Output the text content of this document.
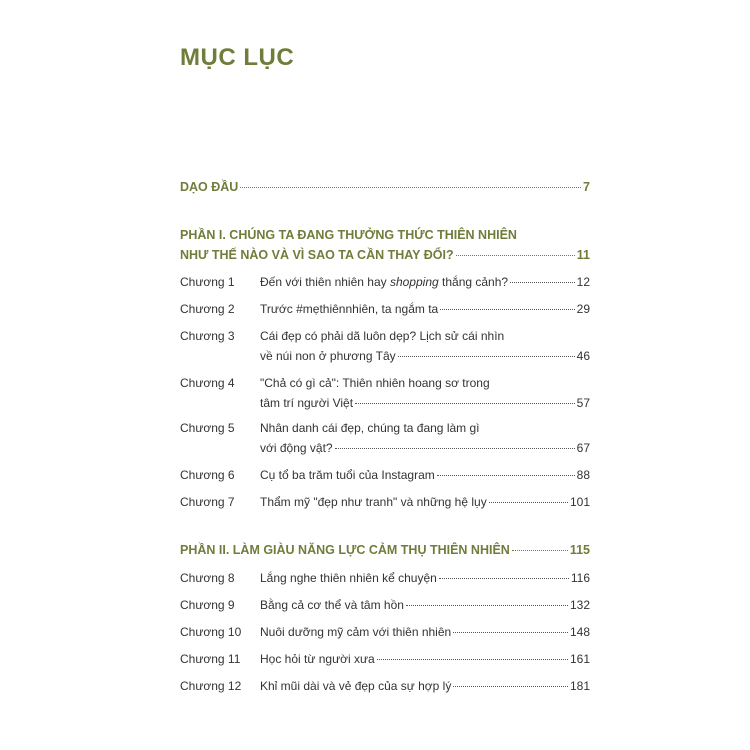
MỤC LỤC
DẠO ĐẦU	7
PHẦN I. CHÚNG TA ĐANG THƯỞNG THỨC THIÊN NHIÊN
NHƯ THẾ NÀO VÀ VÌ SAO TA CẦN THAY ĐỔI?	11
Chương 1 Đến với thiên nhiên hay shopping thắng cảnh?	12
Chương 2 Trước #mẹthiênnhiên, ta ngắm ta	29
Chương 3 Cái đẹp có phải dã luôn dẹp? Lịch sử cái nhìn
về núi non ở phương Tây	46
Chương 4 "Chả có gì cả": Thiên nhiên hoang sơ trong
tâm trí người Việt	57
Chương 5 Nhân danh cái đẹp, chúng ta đang làm gì
với động vật?	67
Chương 6 Cụ tổ ba trăm tuổi của Instagram	88
Chương 7 Thẩm mỹ "đẹp như tranh" và những hệ lụy	101
PHẦN II. LÀM GIÀU NĂNG LỰC CẢM THỤ THIÊN NHIÊN	115
Chương 8 Lắng nghe thiên nhiên kể chuyện	116
Chương 9 Bằng cả cơ thể và tâm hồn	132
Chương 10 Nuôi dưỡng mỹ cảm với thiên nhiên	148
Chương 11 Học hỏi từ người xưa	161
Chương 12 Khỉ mũi dài và vẻ đẹp của sự hợp lý	181
